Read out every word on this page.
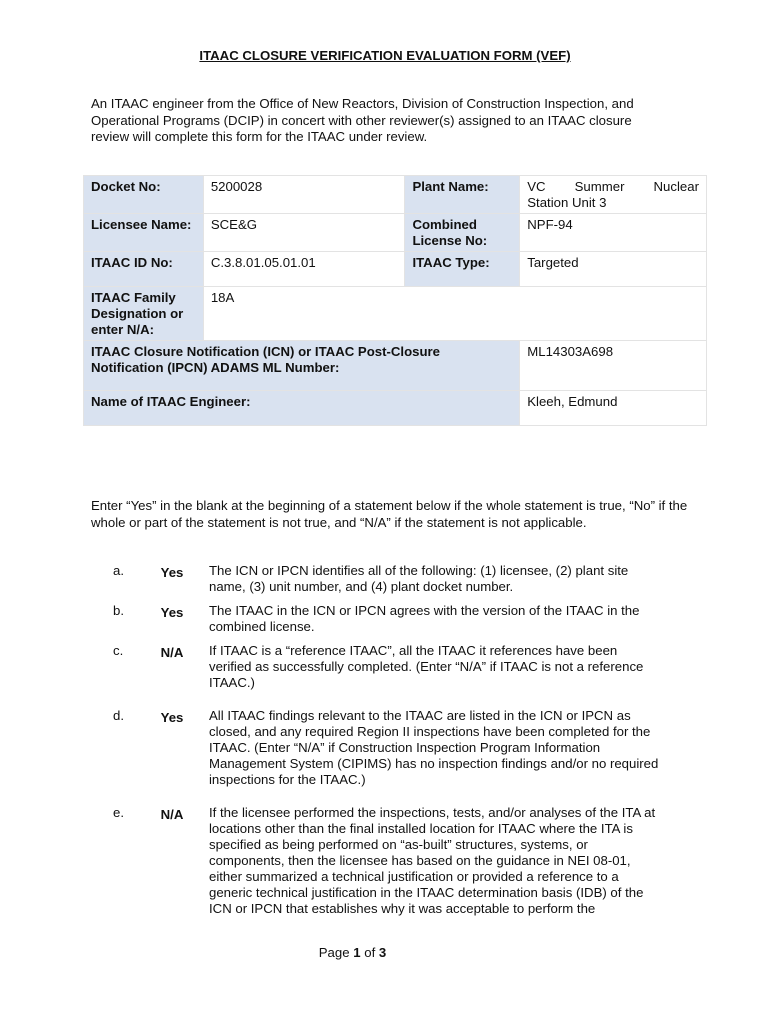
ITAAC CLOSURE VERIFICATION EVALUATION FORM (VEF)
An ITAAC engineer from the Office of New Reactors, Division of Construction Inspection, and Operational Programs (DCIP) in concert with other reviewer(s) assigned to an ITAAC closure review will complete this form for the ITAAC under review.
Docket No:	5200028	Plant Name:	VC Summer Nuclear
Station Unit 3

Licensee Name:	SCE&G	Combined License No:	NPF-94
ITAAC ID No:	C.3.8.01.05.01.01	ITAAC Type:	Targeted
ITAAC Family Designation or enter N/A:	18A		
ITAAC Closure Notification (ICN) or ITAAC Post-Closure Notification (IPCN) ADAMS ML Number:			ML14303A698
Name of ITAAC Engineer:			Kleeh, Edmund
Enter “Yes” in the blank at the beginning of a statement below if the whole statement is true, “No” if the whole or part of the statement is not true, and “N/A” if the statement is not applicable.
a.	Yes	The ICN or IPCN identifies all of the following: (1) licensee, (2) plant site name, (3) unit number, and (4) plant docket number.
b.	Yes	The ITAAC in the ICN or IPCN agrees with the version of the ITAAC in the combined license.
c.	N/A	If ITAAC is a “reference ITAAC”, all the ITAAC it references have been verified as successfully completed. (Enter “N/A” if ITAAC is not a reference ITAAC.)
d.	Yes	All ITAAC findings relevant to the ITAAC are listed in the ICN or IPCN as closed, and any required Region II inspections have been completed for the ITAAC. (Enter “N/A” if Construction Inspection Program Information Management System (CIPIMS) has no inspection findings and/or no required inspections for the ITAAC.)
e.	N/A	If the licensee performed the inspections, tests, and/or analyses of the ITA at locations other than the final installed location for ITAAC where the ITA is specified as being performed on “as-built” structures, systems, or components, then the licensee has based on the guidance in NEI 08-01, either summarized a technical justification or provided a reference to a generic technical justification in the ITAAC determination basis (IDB) of the ICN or IPCN that establishes why it was acceptable to perform the
Page 1 of 3
